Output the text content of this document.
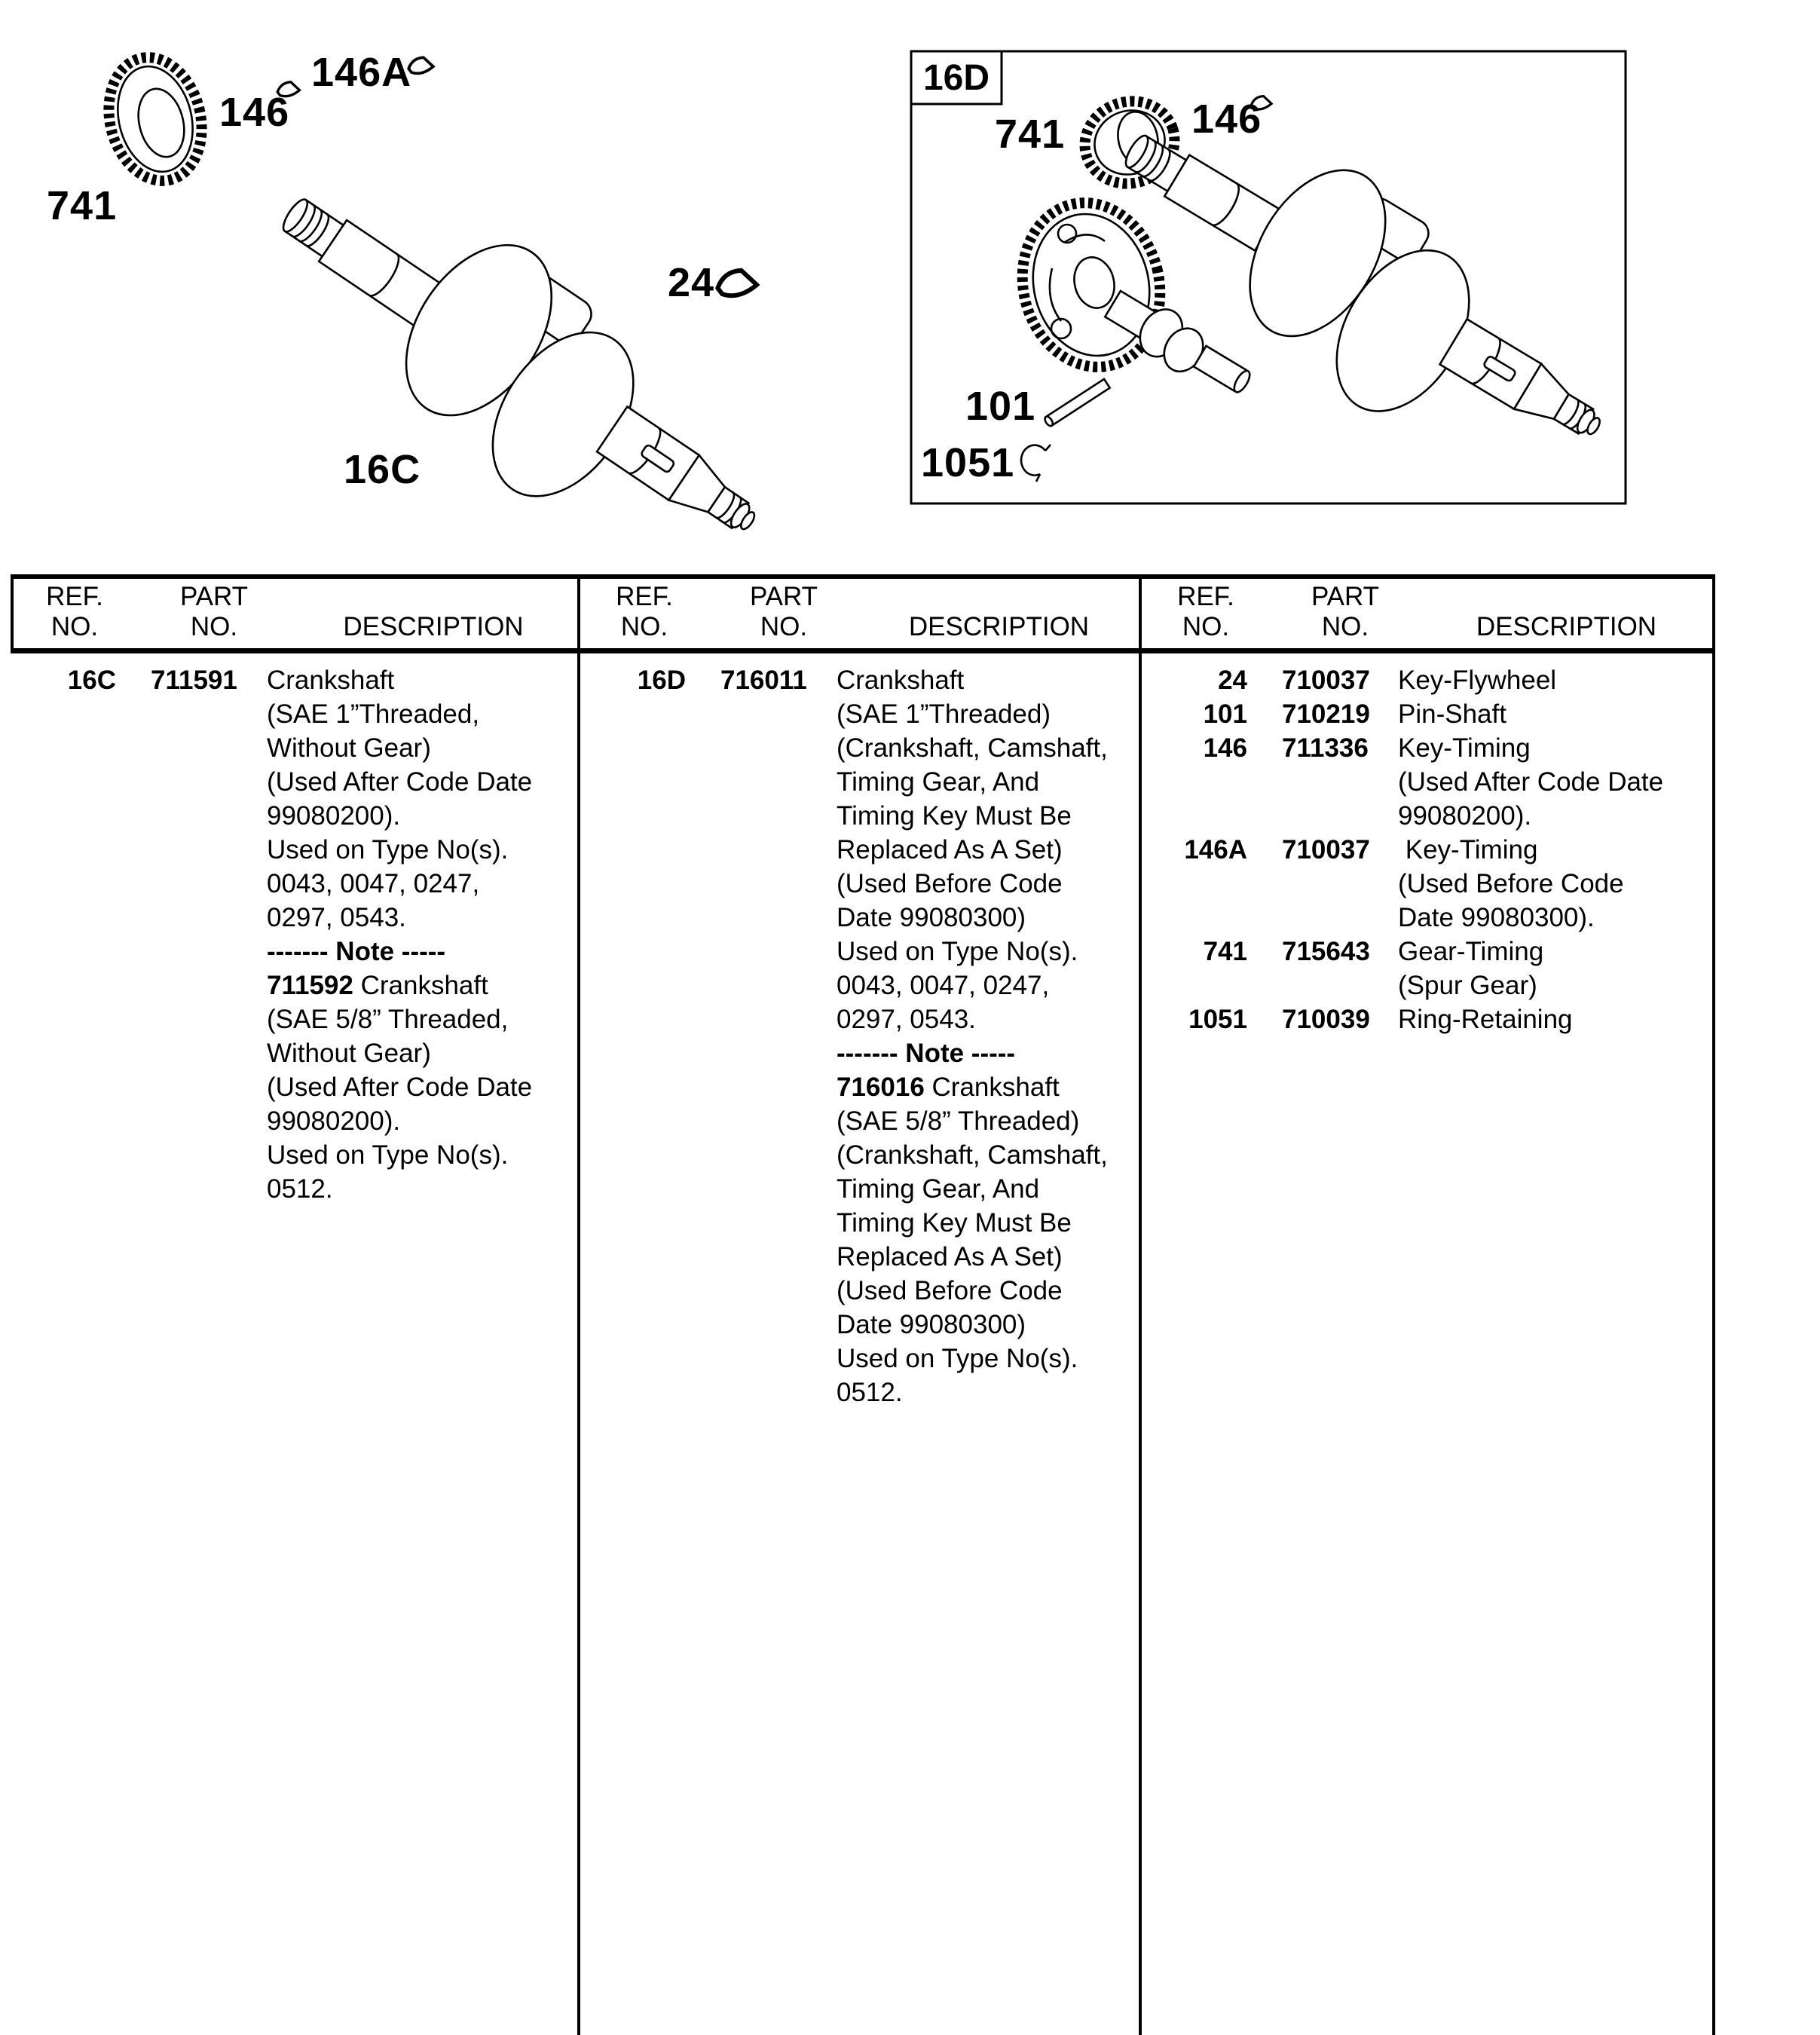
741
146
146A
24
16C
16D
741	146
101
1051
REF.	PART
NO.	NO.	DESCRIPTION
16C	711591	Crankshaft
(SAE 1”Threaded,
Without Gear)
(Used After Code Date
99080200).
Used on Type No(s).
0043, 0047, 0247,
0297, 0543.
------- Note -----
711592 Crankshaft
(SAE 5/8” Threaded,
Without Gear)
(Used After Code Date
99080200).
Used on Type No(s).
0512.
REF.	PART
NO.	NO.	DESCRIPTION
16D	716011	Crankshaft
(SAE 1”Threaded)
(Crankshaft, Camshaft,
Timing Gear, And
Timing Key Must Be
Replaced As A Set)
(Used Before Code
Date 99080300)
Used on Type No(s).
0043, 0047, 0247,
0297, 0543.
------- Note -----
716016 Crankshaft
(SAE 5/8” Threaded)
(Crankshaft, Camshaft,
Timing Gear, And
Timing Key Must Be
Replaced As A Set)
(Used Before Code
Date 99080300)
Used on Type No(s).
0512.
REF.	PART
NO.	NO.	DESCRIPTION
24	710037	Key-Flywheel
101	710219	Pin-Shaft
146	711336	Key-Timing
(Used After Code Date
99080200).
146A	710037	Key-Timing
(Used Before Code
Date 99080300).
741	715643	Gear-Timing
(Spur Gear)
1051	710039	Ring-Retaining
